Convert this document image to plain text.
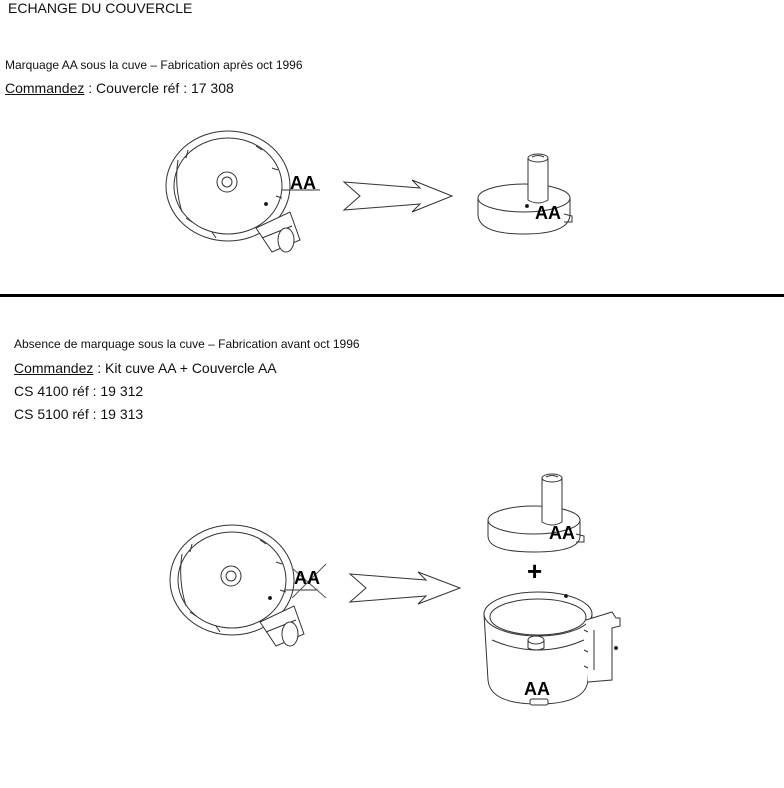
ECHANGE DU COUVERCLE
Marquage AA sous la cuve – Fabrication après oct 1996
Commandez : Couvercle réf : 17 308
Absence de marquage sous la cuve – Fabrication avant oct 1996
Commandez : Kit cuve AA + Couvercle AA
CS 4100 réf : 19 312
CS 5100 réf : 19 313
AA
AA
AA
AA
+
AA
